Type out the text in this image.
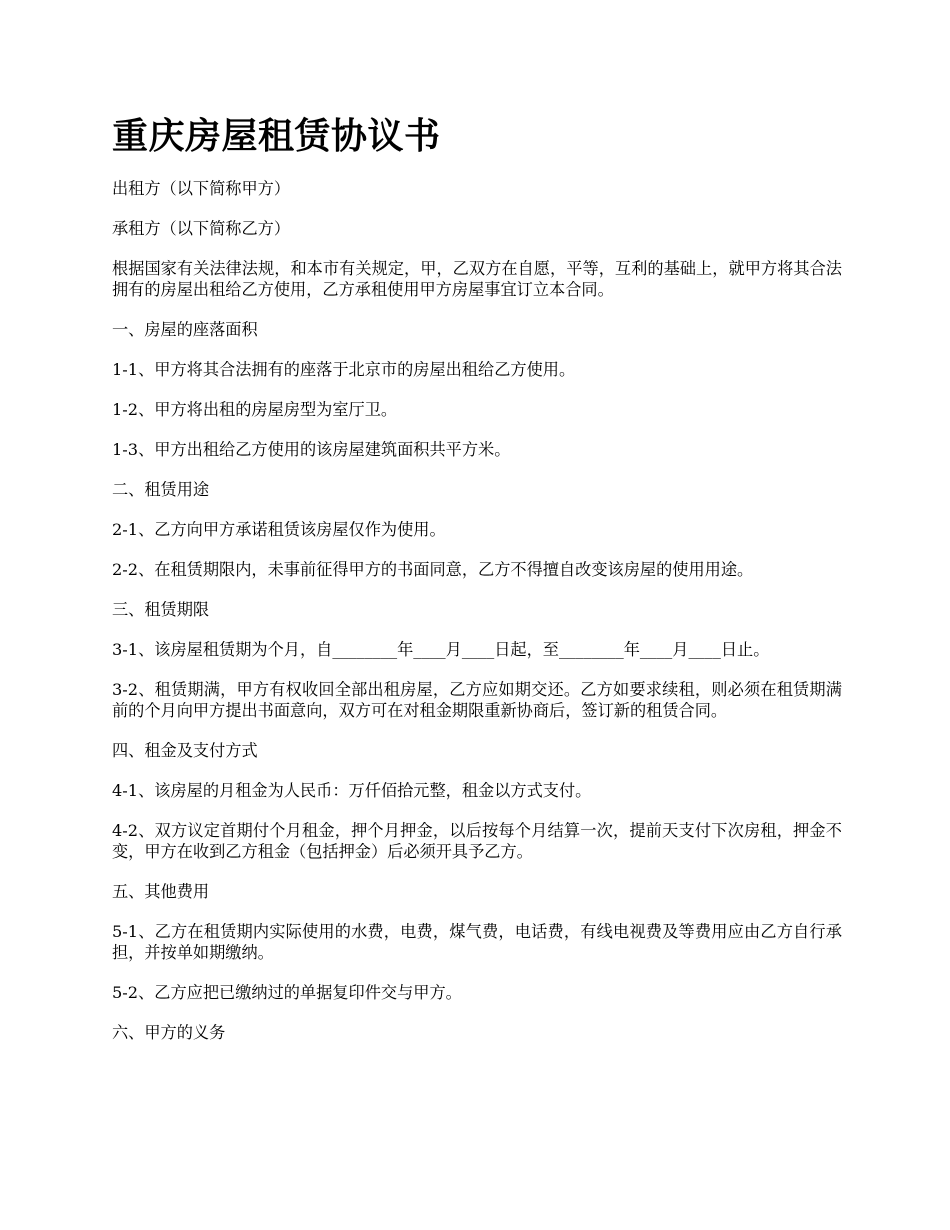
重庆房屋租赁协议书

出租方（以下简称甲方）

承租方（以下简称乙方）

根据国家有关法律法规，和本市有关规定，甲，乙双方在自愿，平等，互利的基础上，就甲方将其合法拥有的房屋出租给乙方使用，乙方承租使用甲方房屋事宜订立本合同。

一、房屋的座落面积

1-1、甲方将其合法拥有的座落于北京市的房屋出租给乙方使用。

1-2、甲方将出租的房屋房型为室厅卫。

1-3、甲方出租给乙方使用的该房屋建筑面积共平方米。

二、租赁用途

2-1、乙方向甲方承诺租赁该房屋仅作为使用。

2-2、在租赁期限内，未事前征得甲方的书面同意，乙方不得擅自改变该房屋的使用用途。

三、租赁期限

3-1、该房屋租赁期为个月，自________年____月____日起，至________年____月____日止。

3-2、租赁期满，甲方有权收回全部出租房屋，乙方应如期交还。乙方如要求续租，则必须在租赁期满前的个月向甲方提出书面意向，双方可在对租金期限重新协商后，签订新的租赁合同。

四、租金及支付方式

4-1、该房屋的月租金为人民币：万仟佰拾元整，租金以方式支付。

4-2、双方议定首期付个月租金，押个月押金，以后按每个月结算一次，提前天支付下次房租，押金不变，甲方在收到乙方租金（包括押金）后必须开具予乙方。

五、其他费用

5-1、乙方在租赁期内实际使用的水费，电费，煤气费，电话费，有线电视费及等费用应由乙方自行承担，并按单如期缴纳。

5-2、乙方应把已缴纳过的单据复印件交与甲方。

六、甲方的义务
